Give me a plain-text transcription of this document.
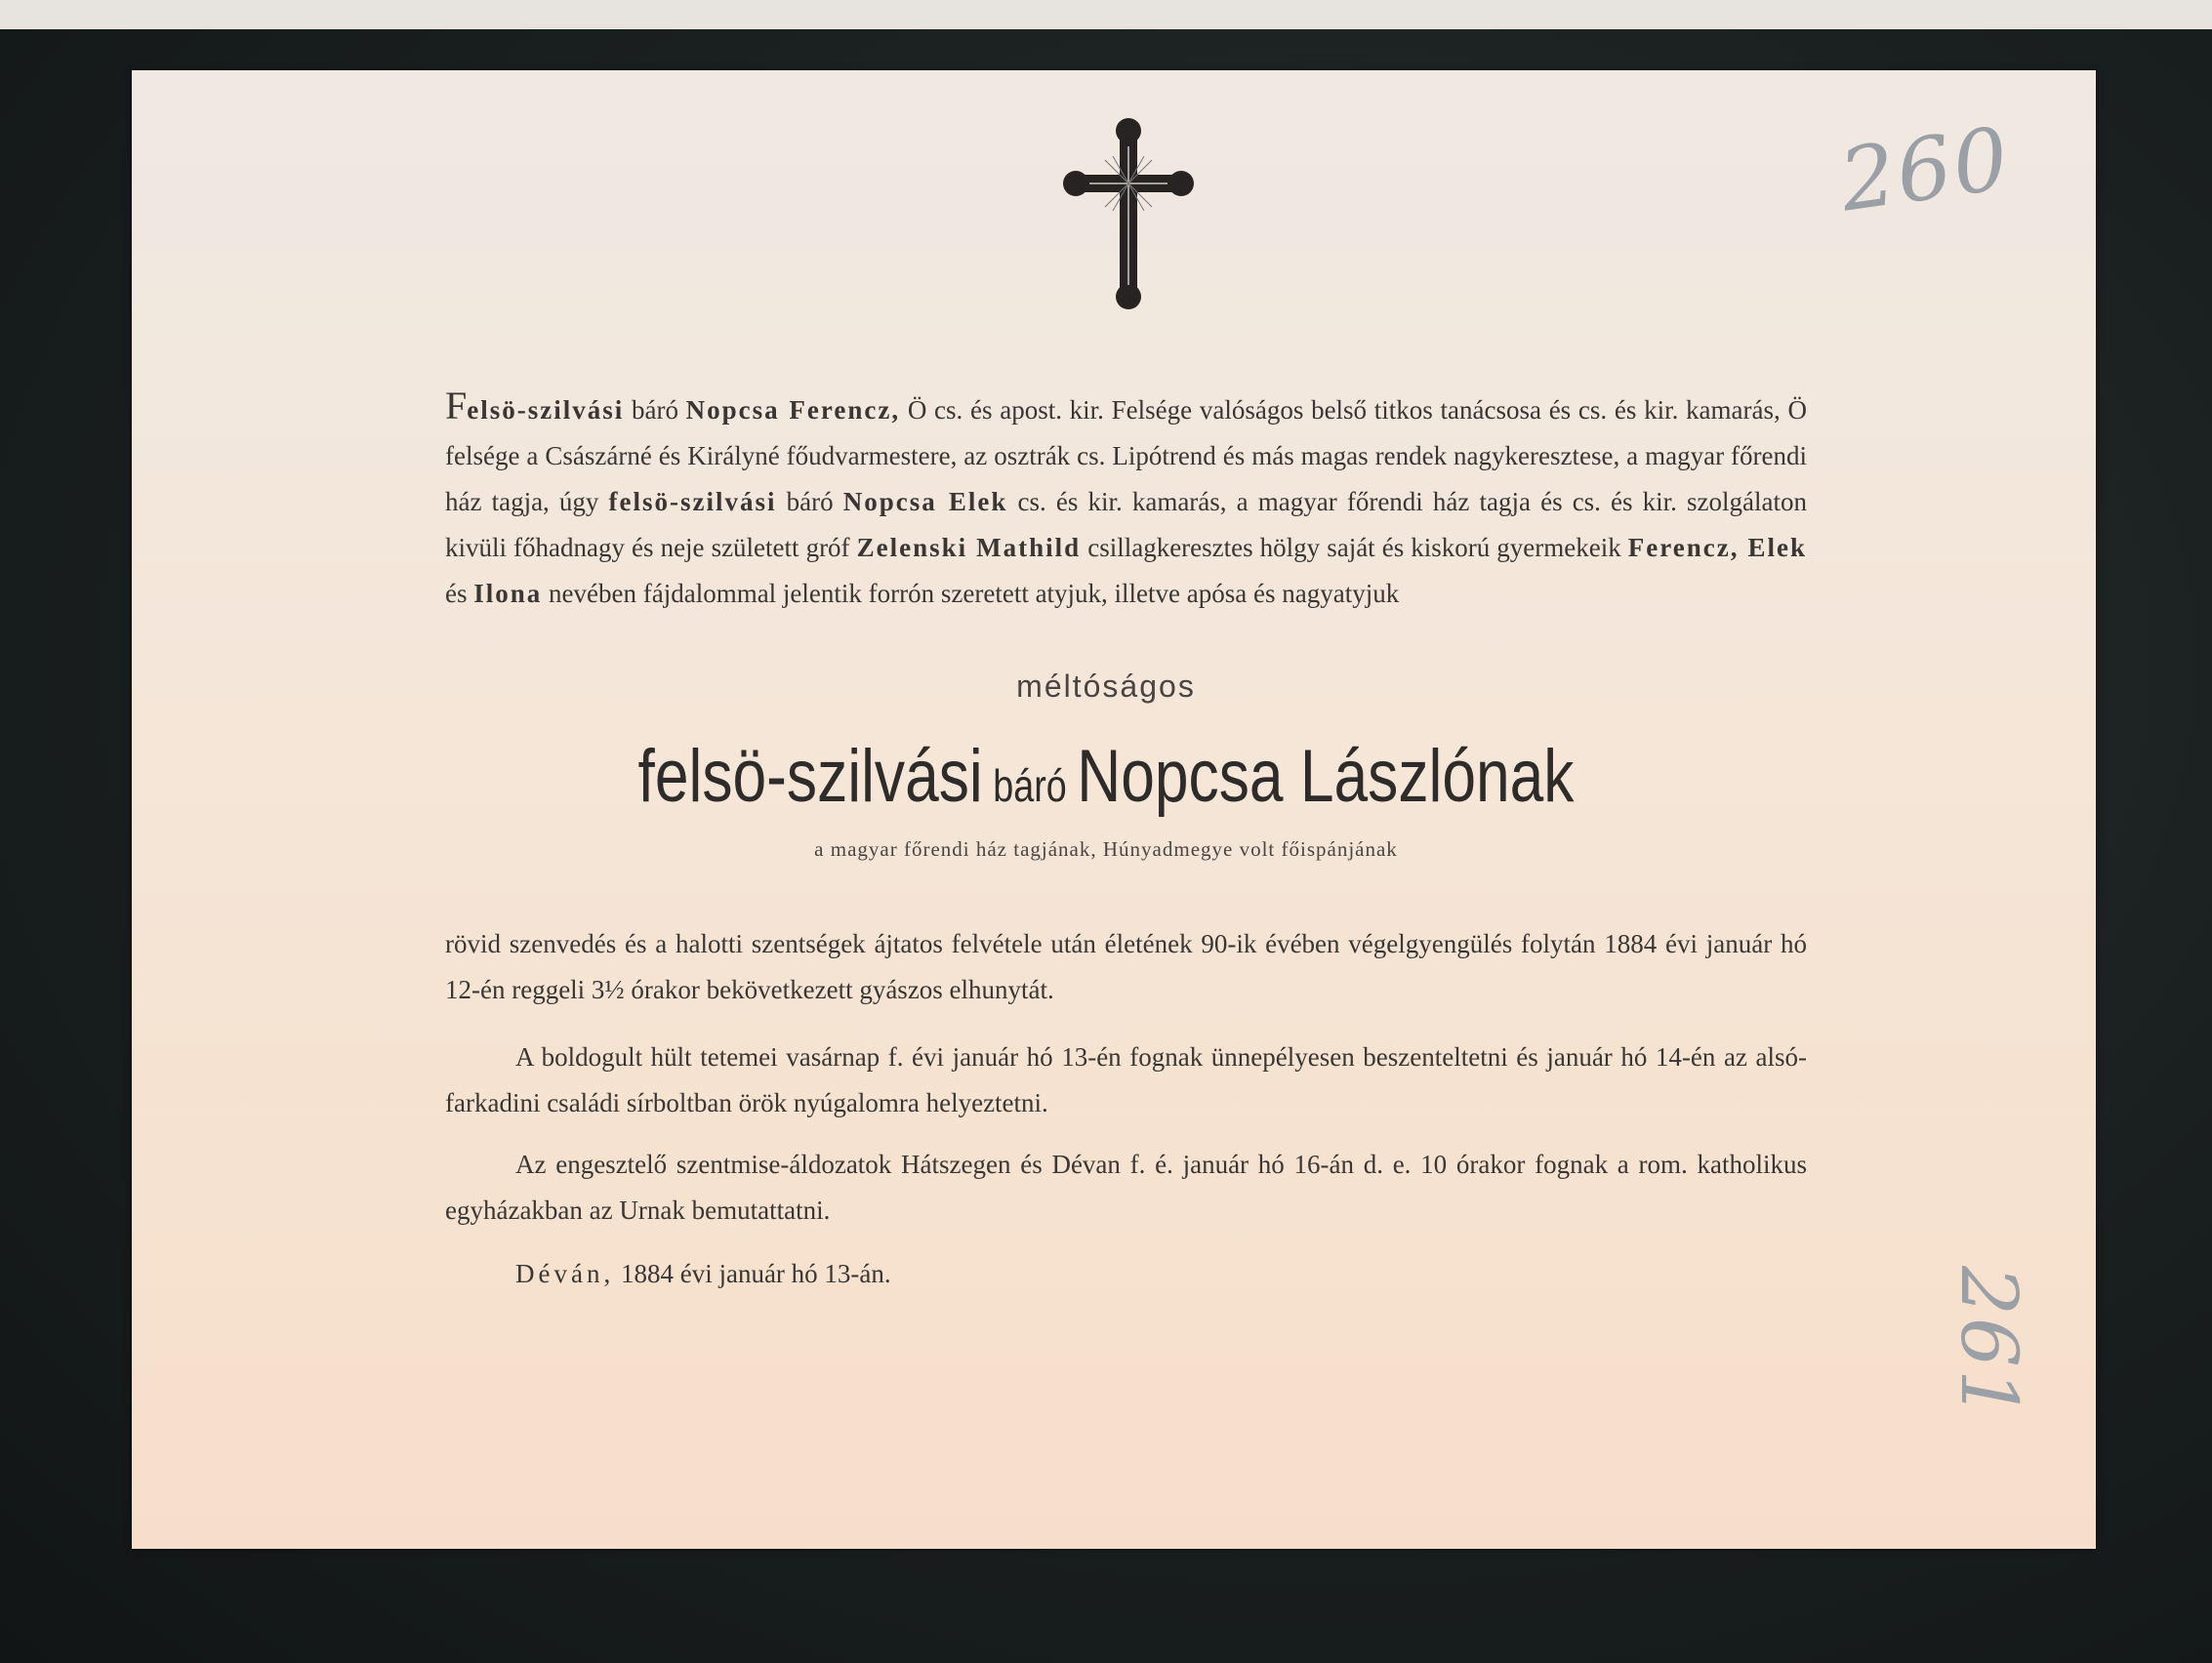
260
261
Felsö-szilvási báró Nopcsa Ferencz, Ö cs. és apost. kir. Felsége valóságos belső titkos tanácsosa és cs. és kir. kamarás, Ö felsége a Császárné és Királyné főudvarmestere, az osztrák cs. Lipótrend és más magas rendek nagykeresztese, a magyar főrendi ház tagja, úgy felsö-szilvási báró Nopcsa Elek cs. és kir. kamarás, a magyar főrendi ház tagja és cs. és kir. szolgálaton kivüli főhadnagy és neje született gróf Zelenski Mathild csillagkeresztes hölgy saját és kiskorú gyermekeik Ferencz, Elek és Ilona nevében fájdalommal jelentik forrón szeretett atyjuk, illetve apósa és nagyatyjuk
méltóságos
felsö-szilvási báró Nopcsa Lászlónak
a magyar főrendi ház tagjának, Húnyadmegye volt főispánjának
rövid szenvedés és a halotti szentségek ájtatos felvétele után életének 90-ik évében végelgyengülés folytán 1884 évi január hó 12-én reggeli 3½ órakor bekövetkezett gyászos elhunytát.
A boldogult hült tetemei vasárnap f. évi január hó 13-én fognak ünnepélyesen beszenteltetni és január hó 14-én az alsó-farkadini családi sírboltban örök nyúgalomra helyeztetni.
Az engesztelő szentmise-áldozatok Hátszegen és Dévan f. é. január hó 16-án d. e. 10 órakor fognak a rom. katholikus egyházakban az Urnak bemutattatni.
Déván, 1884 évi január hó 13-án.
